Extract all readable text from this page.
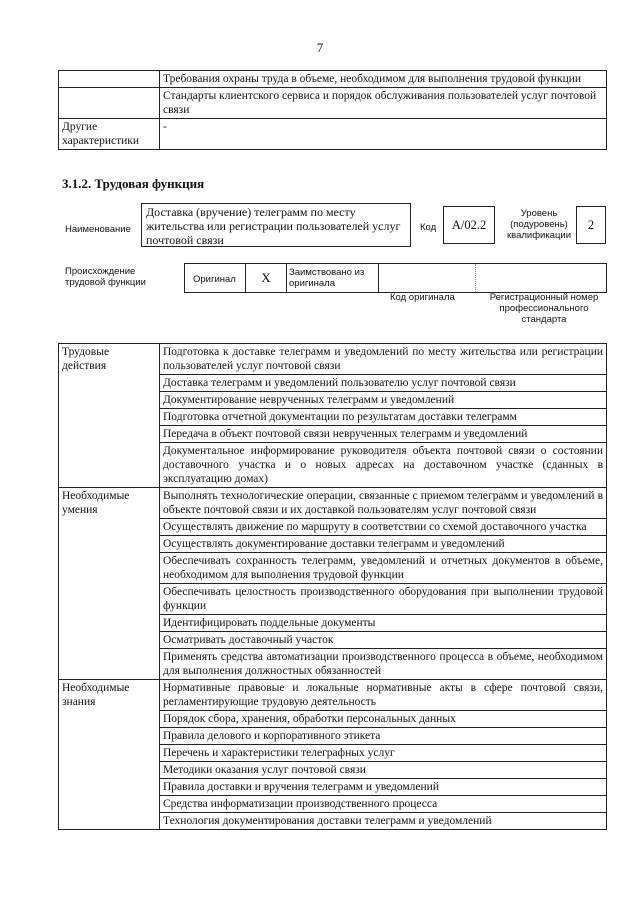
7
	Требования охраны труда в объеме, необходимом для выполнения трудовой функции
	Стандарты клиентского сервиса и порядок обслуживания пользователей услуг почтовой связи
Другие характеристики	-
3.1.2. Трудовая функция
Наименование
Доставка (вручение) телеграмм по месту жительства или регистрации пользователей услуг почтовой связи
Код	А/02.2
Уровень (подуровень) квалификации
2
Происхождение трудовой функции	Оригинал	X	Заимствовано из оригинала
Код оригинала	Регистрационный номер профессионального стандарта
Трудовые действия	Подготовка к доставке телеграмм и уведомлений по месту жительства или регистрации пользователей услуг почтовой связи
	Доставка телеграмм и уведомлений пользователю услуг почтовой связи
	Документирование неврученных телеграмм и уведомлений
	Подготовка отчетной документации по результатам доставки телеграмм
	Передача в объект почтовой связи неврученных телеграмм и уведомлений
	Документальное информирование руководителя объекта почтовой связи о состоянии доставочного участка и о новых адресах на доставочном участке (сданных в эксплуатацию домах)
Необходимые умения	Выполнять технологические операции, связанные с приемом телеграмм и уведомлений в объекте почтовой связи и их доставкой пользователям услуг почтовой связи
	Осуществлять движение по маршруту в соответствии со схемой доставочного участка
	Осуществлять документирование доставки телеграмм и уведомлений
	Обеспечивать сохранность телеграмм, уведомлений и отчетных документов в объеме, необходимом для выполнения трудовой функции
	Обеспечивать целостность производственного оборудования при выполнении трудовой функции
	Идентифицировать поддельные документы
	Осматривать доставочный участок
	Применять средства автоматизации производственного процесса в объеме, необходимом для выполнения должностных обязанностей
Необходимые знания	Нормативные правовые и локальные нормативные акты в сфере почтовой связи, регламентирующие трудовую деятельность
	Порядок сбора, хранения, обработки персональных данных
	Правила делового и корпоративного этикета
	Перечень и характеристики телеграфных услуг
	Методики оказания услуг почтовой связи
	Правила доставки и вручения телеграмм и уведомлений
	Средства информатизации производственного процесса
	Технология документирования доставки телеграмм и уведомлений
